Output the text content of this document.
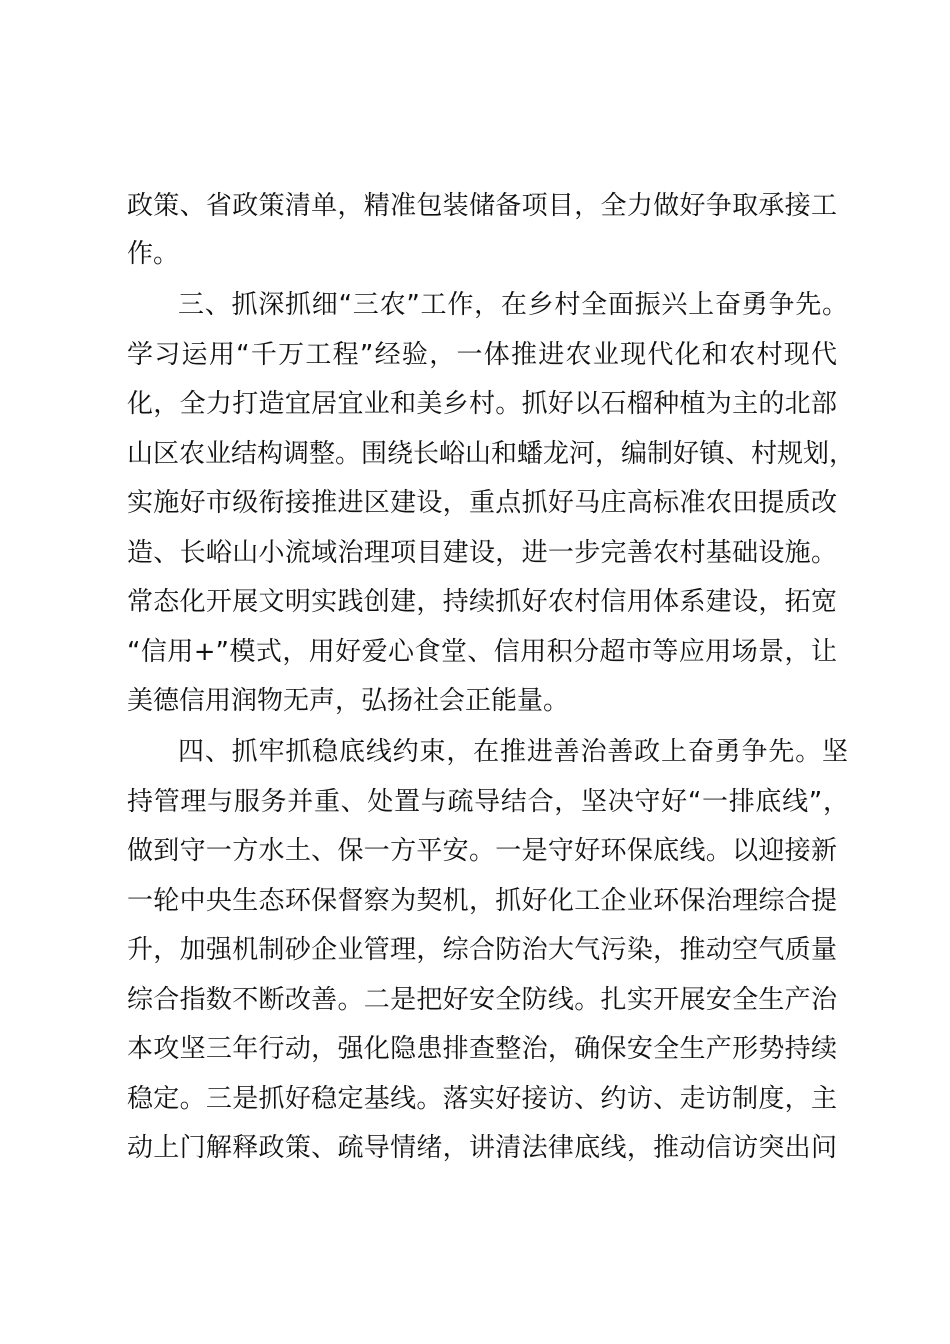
政策、省政策清单，精准包装储备项目，全力做好争取承接工
作。
三、抓深抓细“三农”工作，在乡村全面振兴上奋勇争先。
学习运用“千万工程”经验，一体推进农业现代化和农村现代
化，全力打造宜居宜业和美乡村。抓好以石榴种植为主的北部
山区农业结构调整。围绕长峪山和蟠龙河，编制好镇、村规划，
实施好市级衔接推进区建设，重点抓好马庄高标准农田提质改
造、长峪山小流域治理项目建设，进一步完善农村基础设施。
常态化开展文明实践创建，持续抓好农村信用体系建设，拓宽
“信用+”模式，用好爱心食堂、信用积分超市等应用场景，让
美德信用润物无声，弘扬社会正能量。
四、抓牢抓稳底线约束，在推进善治善政上奋勇争先。坚
持管理与服务并重、处置与疏导结合，坚决守好“一排底线”，
做到守一方水土、保一方平安。一是守好环保底线。以迎接新
一轮中央生态环保督察为契机，抓好化工企业环保治理综合提
升，加强机制砂企业管理，综合防治大气污染，推动空气质量
综合指数不断改善。二是把好安全防线。扎实开展安全生产治
本攻坚三年行动，强化隐患排查整治，确保安全生产形势持续
稳定。三是抓好稳定基线。落实好接访、约访、走访制度，主
动上门解释政策、疏导情绪，讲清法律底线，推动信访突出问
